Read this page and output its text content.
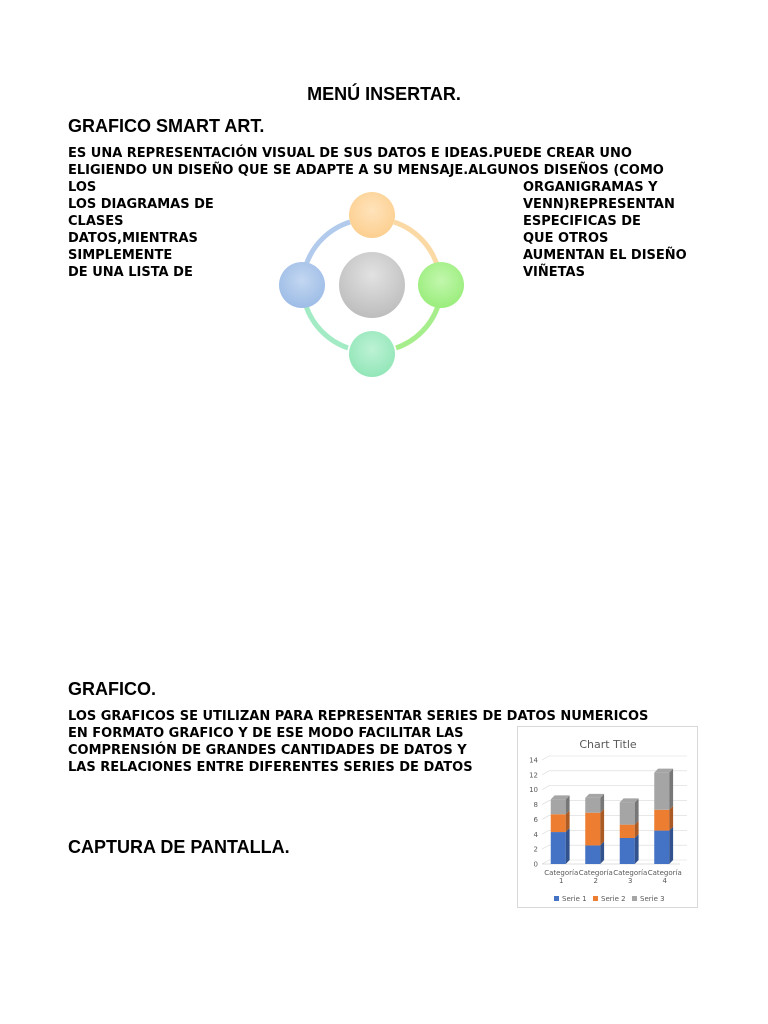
MENÚ INSERTAR.
GRAFICO SMART ART.
ES UNA REPRESENTACIÓN VISUAL DE SUS DATOS E IDEAS.PUEDE CREAR UNO
ELIGIENDO UN DISEÑO QUE SE ADAPTE A SU MENSAJE.ALGUNOS DISEÑOS (COMO
LOS
LOS DIAGRAMAS DE
CLASES
DATOS,MIENTRAS
SIMPLEMENTE
DE UNA LISTA DE
ORGANIGRAMAS Y
VENN)REPRESENTAN
ESPECIFICAS DE
QUE OTROS
AUMENTAN EL DISEÑO
VIÑETAS
GRAFICO.
LOS GRAFICOS SE UTILIZAN PARA REPRESENTAR SERIES DE DATOS NUMERICOS
EN FORMATO GRAFICO Y DE ESE MODO FACILITAR LAS
COMPRENSIÓN DE GRANDES CANTIDADES DE DATOS Y
LAS RELACIONES ENTRE DIFERENTES SERIES DE DATOS
CAPTURA DE PANTALLA.
Chart Title
0
2
4
6
8
10
12
14
Categoría
1
Categoría
2
Categoría
3
Categoría
4
Serie 1 Serie 2 Serie 3
